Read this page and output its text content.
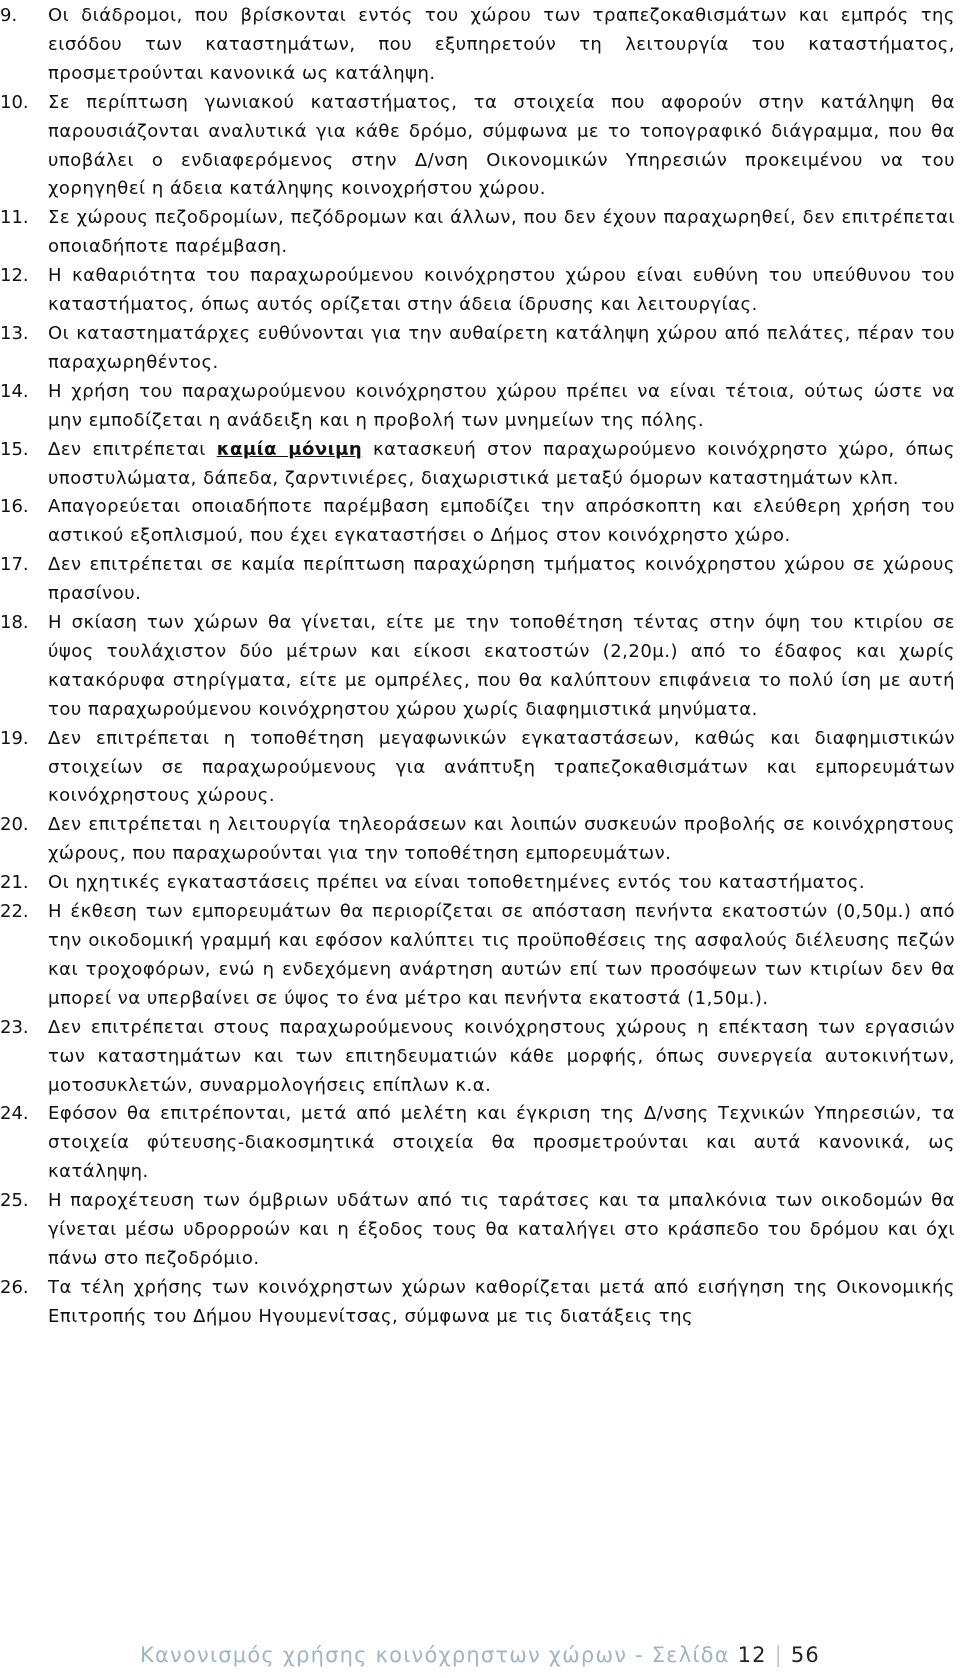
9.	Οι διάδρομοι, που βρίσκονται εντός του χώρου των τραπεζοκαθισμάτων και εμπρός της εισόδου των καταστημάτων, που εξυπηρετούν τη λειτουργία του καταστήματος, προσμετρούνται κανονικά ως κατάληψη.
10.	Σε περίπτωση γωνιακού καταστήματος, τα στοιχεία που αφορούν στην κατάληψη θα παρουσιάζονται αναλυτικά για κάθε δρόμο, σύμφωνα με το τοπογραφικό διάγραμμα, που θα υποβάλει ο ενδιαφερόμενος στην Δ/νση Οικονομικών Υπηρεσιών προκειμένου να του χορηγηθεί η άδεια κατάληψης κοινοχρήστου χώρου.
11.	Σε χώρους πεζοδρομίων, πεζόδρομων και άλλων, που δεν έχουν παραχωρηθεί, δεν επιτρέπεται οποιαδήποτε παρέμβαση.
12.	Η καθαριότητα του παραχωρούμενου κοινόχρηστου χώρου είναι ευθύνη του υπεύθυνου του καταστήματος, όπως αυτός ορίζεται στην άδεια ίδρυσης και λειτουργίας.
13.	Οι καταστηματάρχες ευθύνονται για την αυθαίρετη κατάληψη χώρου από πελάτες, πέραν του παραχωρηθέντος.
14.	Η χρήση του παραχωρούμενου κοινόχρηστου χώρου πρέπει να είναι τέτοια, ούτως ώστε να μην εμποδίζεται η ανάδειξη και η προβολή των μνημείων της πόλης.
15.	Δεν επιτρέπεται καμία μόνιμη κατασκευή στον παραχωρούμενο κοινόχρηστο χώρο, όπως υποστυλώματα, δάπεδα, ζαρντινιέρες, διαχωριστικά μεταξύ όμορων καταστημάτων κλπ.
16.	Απαγορεύεται οποιαδήποτε παρέμβαση εμποδίζει την απρόσκοπτη και ελεύθερη χρήση του αστικού εξοπλισμού, που έχει εγκαταστήσει ο Δήμος στον κοινόχρηστο χώρο.
17.	Δεν επιτρέπεται σε καμία περίπτωση παραχώρηση τμήματος κοινόχρηστου χώρου σε χώρους πρασίνου.
18.	Η σκίαση των χώρων θα γίνεται, είτε με την τοποθέτηση τέντας στην όψη του κτιρίου σε ύψος τουλάχιστον δύο μέτρων και είκοσι εκατοστών (2,20μ.) από το έδαφος και χωρίς κατακόρυφα στηρίγματα, είτε με ομπρέλες, που θα καλύπτουν επιφάνεια το πολύ ίση με αυτή του παραχωρούμενου κοινόχρηστου χώρου χωρίς διαφημιστικά μηνύματα.
19.	Δεν επιτρέπεται η τοποθέτηση μεγαφωνικών εγκαταστάσεων, καθώς και διαφημιστικών στοιχείων σε παραχωρούμενους για ανάπτυξη τραπεζοκαθισμάτων και εμπορευμάτων κοινόχρηστους χώρους.
20.	Δεν επιτρέπεται η λειτουργία τηλεοράσεων και λοιπών συσκευών προβολής σε κοινόχρηστους χώρους, που παραχωρούνται για την τοποθέτηση εμπορευμάτων.
21.	Οι ηχητικές εγκαταστάσεις πρέπει να είναι τοποθετημένες εντός του καταστήματος.
22.	Η έκθεση των εμπορευμάτων θα περιορίζεται σε απόσταση πενήντα εκατοστών (0,50μ.) από την οικοδομική γραμμή και εφόσον καλύπτει τις προϋποθέσεις της ασφαλούς διέλευσης πεζών και τροχοφόρων, ενώ η ενδεχόμενη ανάρτηση αυτών επί των προσόψεων των κτιρίων δεν θα μπορεί να υπερβαίνει σε ύψος το ένα μέτρο και πενήντα εκατοστά (1,50μ.).
23.	Δεν επιτρέπεται στους παραχωρούμενους κοινόχρηστους χώρους η επέκταση των εργασιών των καταστημάτων και των επιτηδευματιών κάθε μορφής, όπως συνεργεία αυτοκινήτων, μοτοσυκλετών, συναρμολογήσεις επίπλων κ.α.
24.	Εφόσον θα επιτρέπονται, μετά από μελέτη και έγκριση της Δ/νσης Τεχνικών Υπηρεσιών, τα στοιχεία φύτευσης-διακοσμητικά στοιχεία θα προσμετρούνται και αυτά κανονικά, ως κατάληψη.
25.	Η παροχέτευση των όμβριων υδάτων από τις ταράτσες και τα μπαλκόνια των οικοδομών θα γίνεται μέσω υδρορροών και η έξοδος τους θα καταλήγει στο κράσπεδο του δρόμου και όχι πάνω στο πεζοδρόμιο.
26.	Τα τέλη χρήσης των κοινόχρηστων χώρων καθορίζεται μετά από εισήγηση της Οικονομικής Επιτροπής του Δήμου Ηγουμενίτσας, σύμφωνα με τις διατάξεις της
Κανονισμός χρήσης κοινόχρηστων χώρων - Σελίδα 12 | 56
